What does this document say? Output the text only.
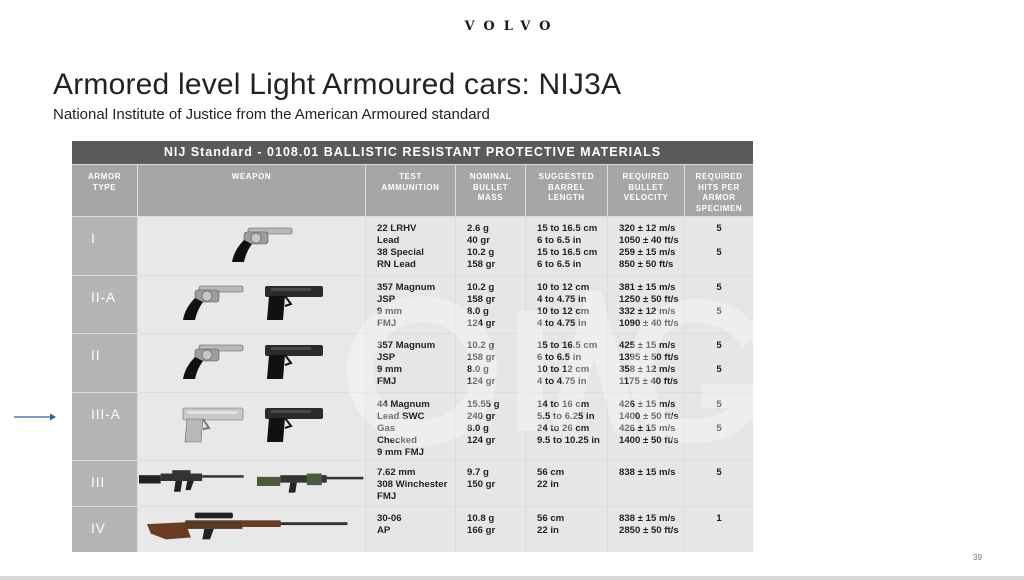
VOLVO
Armored level Light Armoured cars: NIJ3A
National Institute of Justice from the American Armoured standard
NIJ Standard - 0108.01 BALLISTIC RESISTANT PROTECTIVE MATERIALS
ARMOR
TYPE
WEAPON	TEST
AMMUNITION
NOMINAL
BULLET
MASS
SUGGESTED
BARREL
LENGTH
REQUIRED
BULLET
VELOCITY
REQUIRED
HITS PER
ARMOR
SPECIMEN
I
22 LRHV
Lead
38 Special
RN Lead
2.6 g
40 gr
10.2 g
158 gr
15 to 16.5 cm
6 to 6.5 in
15 to 16.5 cm
6 to 6.5 in
320 ± 12 m/s
1050 ± 40 ft/s
259 ± 15 m/s
850 ± 50 ft/s
5

5

II-A
357 Magnum
JSP
9 mm
FMJ
10.2 g
158 gr
8.0 g
124 gr
10 to 12 cm
4 to 4.75 in
10 to 12 cm
4 to 4.75 in
381 ± 15 m/s
1250 ± 50 ft/s
332 ± 12 m/s
1090 ± 40 ft/s
5

5

II
357 Magnum
JSP
9 mm
FMJ
10.2 g
158 gr
8.0 g
124 gr
15 to 16.5 cm
6 to 6.5 in
10 to 12 cm
4 to 4.75 in
425 ± 15 m/s
1395 ± 50 ft/s
358 ± 12 m/s
1175 ± 40 ft/s
5

5

III-A
44 Magnum
Lead SWC
Gas
Checked
9 mm FMJ
15.55 g
240 gr
8.0 g
124 gr
14 to 16 cm
5.5 to 6.25 in
24 to 26 cm
9.5 to 10.25 in
426 ± 15 m/s
1400 ± 50 ft/s
426 ± 15 m/s
1400 ± 50 ft/s
5

5

III
7.62 mm
308 Winchester
FMJ
9.7 g
150 gr
56 cm
22 in
838 ± 15 m/s	5
IV
30-06
AP
10.8 g
166 gr
56 cm
22 in
838 ± 15 m/s
2850 ± 50 ft/s
1
39
